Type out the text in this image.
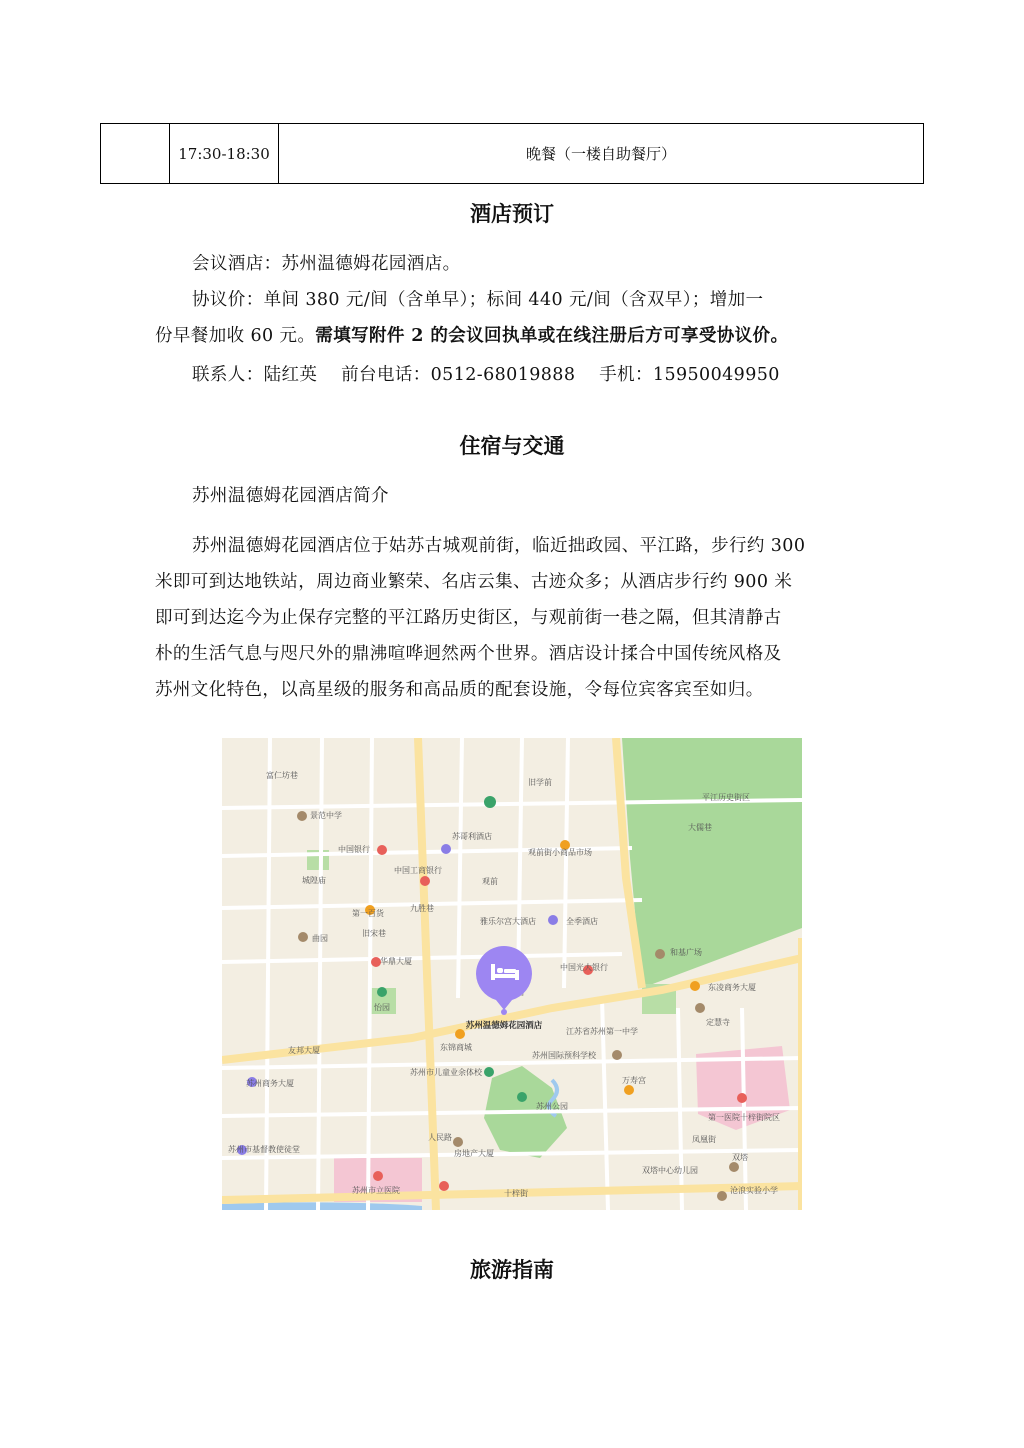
	17:30-18:30	晚餐（一楼自助餐厅）
酒店预订

会议酒店：苏州温德姆花园酒店。

协议价：单间 380 元/间（含单早）；标间 440 元/间（含双早）；增加一
份早餐加收 60 元。需填写附件 2 的会议回执单或在线注册后方可享受协议价。

联系人：陆红英    前台电话：0512-68019888    手机：15950049950

住宿与交通

苏州温德姆花园酒店简介

苏州温德姆花园酒店位于姑苏古城观前街，临近拙政园、平江路，步行约 300
米即可到达地铁站，周边商业繁荣、名店云集、古迹众多；从酒店步行约 900 米
即可到达迄今为止保存完整的平江路历史街区，与观前街一巷之隔，但其清静古
朴的生活气息与咫尺外的鼎沸喧哗迥然两个世界。酒店设计揉合中国传统风格及
苏州文化特色，以高星级的服务和高品质的配套设施，令每位宾客宾至如归。

平江历史街区
大儒巷
景范中学
苏哥利酒店
中国银行	观前街小商品市场
城隍庙
中国工商银行
观前
第一百货
雅乐尔宫大酒店	全季酒店
曲园
华鼎大厦
中国光大银行
和基广场
东凌商务大厦
怡园
江苏省苏州第一中学
定慧寺
友邦大厦	东锦商城
苏州国际预科学校
苏州商务大厦
苏州市儿童业余体校
万寿宫
苏州公园
第一医院十梓街院区
苏州市基督教使徒堂
凤凰街
房地产大厦	双塔
苏州市立医院	十梓街
双塔中心幼儿园
沧浪实验小学
人民路
旧学前
富仁坊巷
九胜巷
旧宋巷
苏州温德姆花园酒店
旅游指南
